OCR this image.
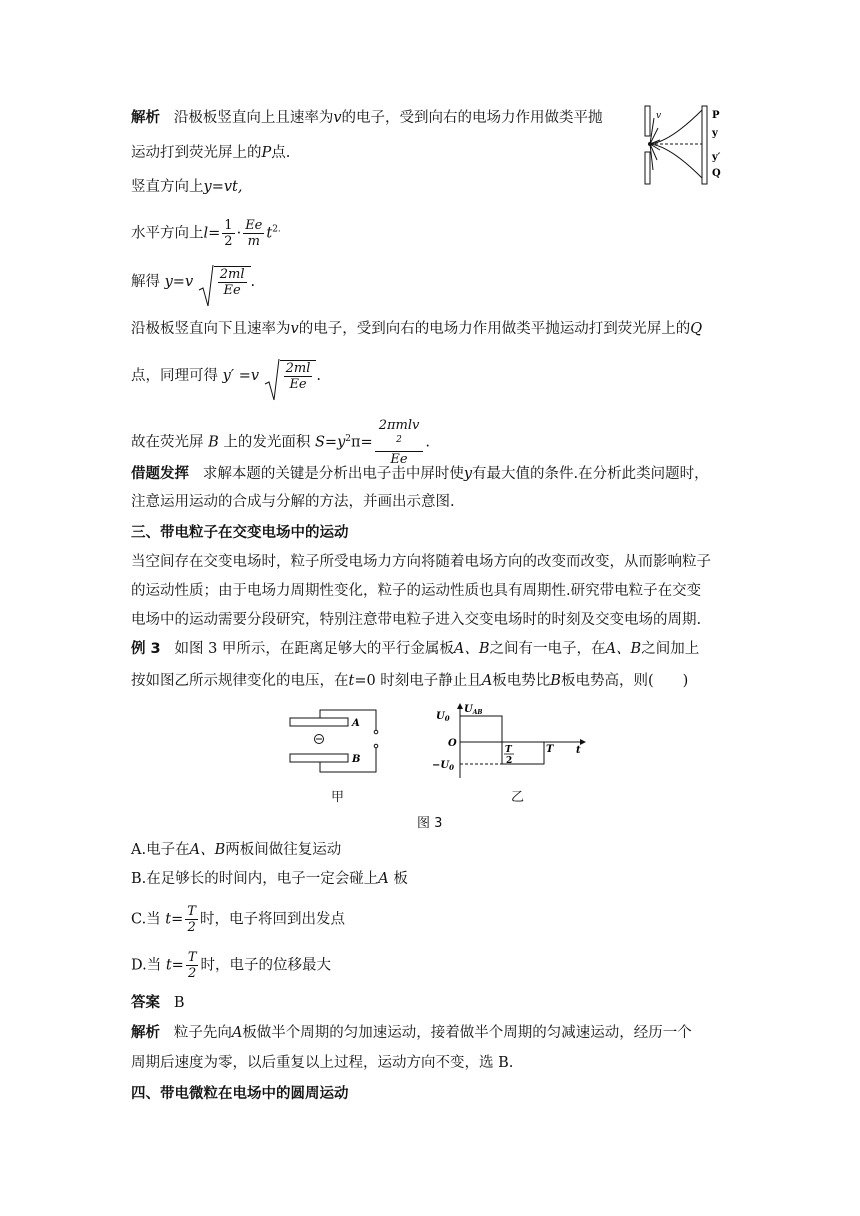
解析 沿极板竖直向上且速率为v的电子，受到向右的电场力作用做类平抛
运动打到荧光屏上的P点.
竖直方向上y=vt,
水平方向上$l= \frac{1}{2} \cdot \frac{Ee}{m} t^{2.}$
解得 $y=v \frac{2ml}{Ee}$ .
沿极板竖直向下且速率为v的电子，受到向右的电场力作用做类平抛运动打到荧光屏上的Q
点，同理可得 $y' =v \frac{2ml}{Ee}$ .
故在荧光屏 B 上的发光面积 $S=y^2\pi= 2\pi mlv$
$^2$
Ee .
借题发挥 求解本题的关键是分析出电子击中屏时使y有最大值的条件.在分析此类问题时，
注意运用运动的合成与分解的方法，并画出示意图.
三、带电粒子在交变电场中的运动
当空间存在交变电场时，粒子所受电场力方向将随着电场方向的改变而改变，从而影响粒子
的运动性质；由于电场力周期性变化，粒子的运动性质也具有周期性.研究带电粒子在交变
电场中的运动需要分段研究，特别注意带电粒子进入交变电场时的时刻及交变电场的周期.
例 3 如图 3 甲所示，在距离足够大的平行金属板A、B之间有一电子，在A、B之间加上
按如图乙所示规律变化的电压，在t=0 时刻电子静止且A板电势比B板电势高，则(　　)
v	P
y
y′
Q
A
B
甲
$U_0$
$U_{AB}$
O
$-U_0$
T
2
T t
乙
图 3
A.电子在A、B两板间做往复运动
B.在足够长的时间内，电子一定会碰上A 板
C.当 $t= \frac{T}{2}$ 时，电子将回到出发点
D.当 $t= \frac{T}{2}$ 时，电子的位移最大
答案 B
解析 粒子先向A板做半个周期的匀加速运动，接着做半个周期的匀减速运动，经历一个
周期后速度为零，以后重复以上过程，运动方向不变，选 B.
四、带电微粒在电场中的圆周运动
